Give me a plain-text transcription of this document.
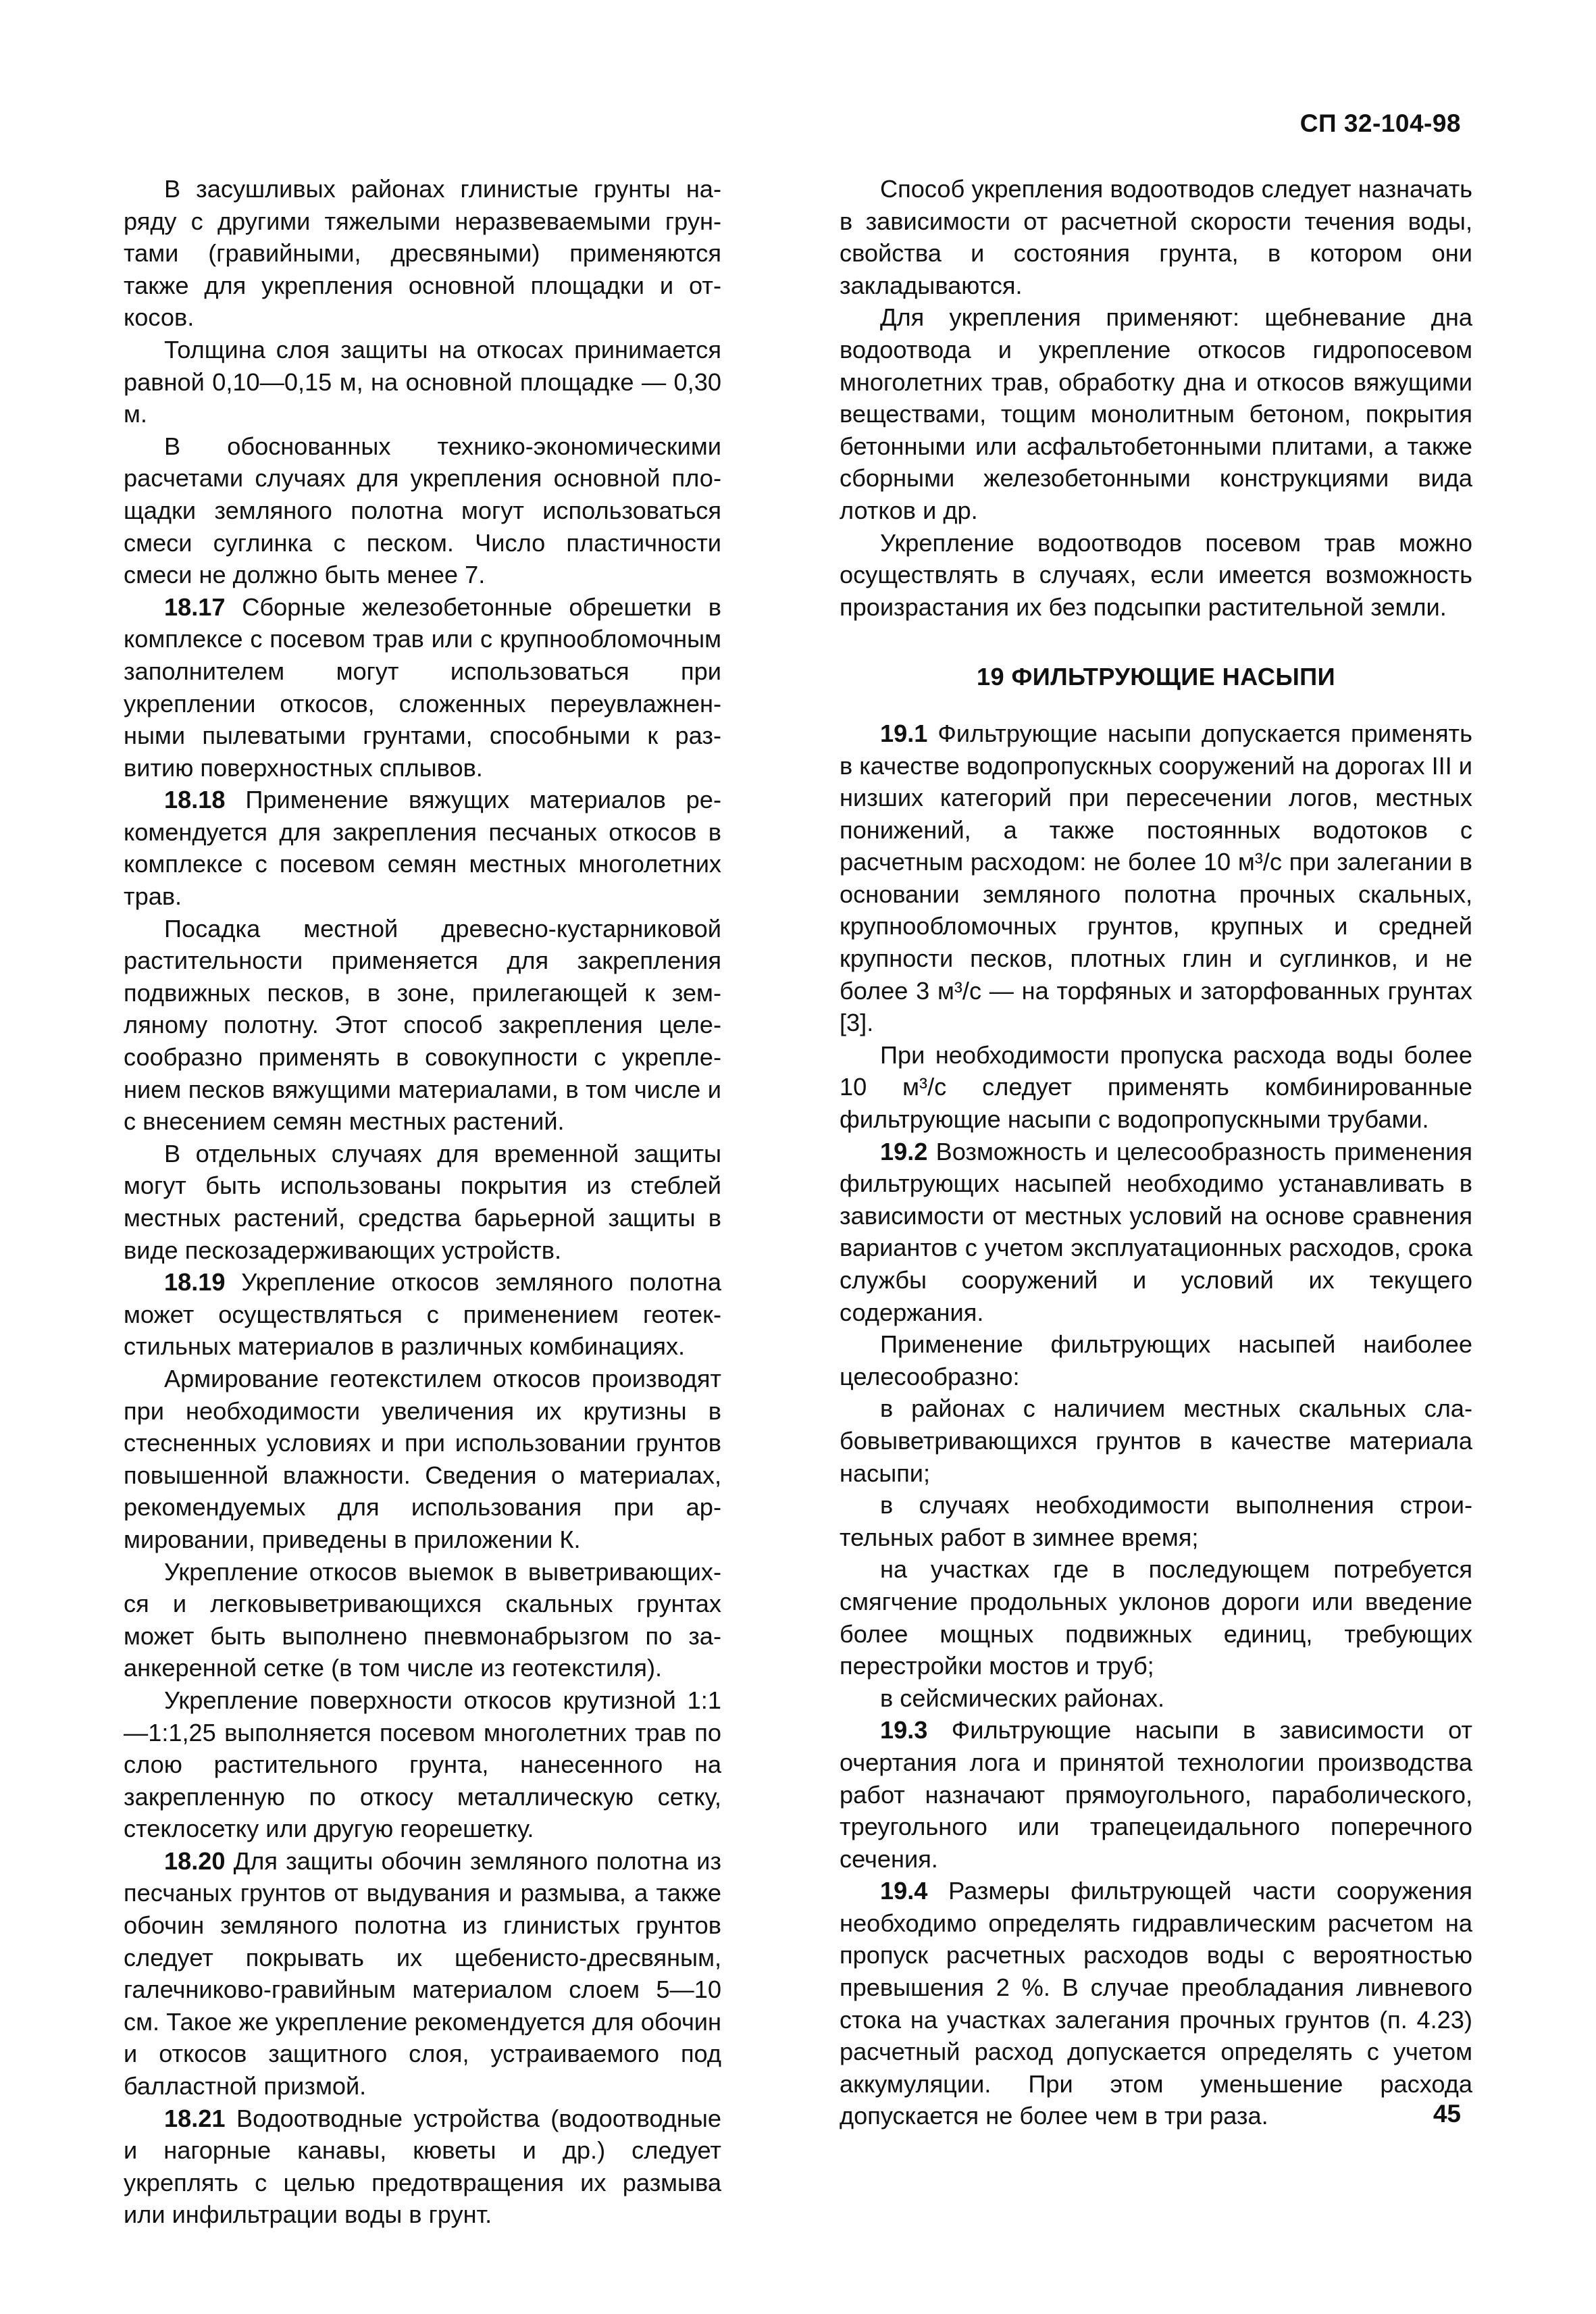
СП 32-104-98

В засушливых районах глинистые грунты наряду с другими тяжелыми неразвеваемыми грунтами (гравийными, дресвяными) применяются также для укрепления основной площадки и откосов.

Толщина слоя защиты на откосах принимается равной 0,10—0,15 м, на основной площадке — 0,30 м.

В обоснованных технико-экономическими расчетами случаях для укрепления основной площадки земляного полотна могут использоваться смеси суглинка с песком. Число пластичности смеси не должно быть менее 7.

18.17 Сборные железобетонные обрешетки в комплексе с посевом трав или с крупнообломочным заполнителем могут использоваться при укреплении откосов, сложенных переувлажненными пылеватыми грунтами, способными к развитию поверхностных сплывов.

18.18 Применение вяжущих материалов рекомендуется для закрепления песчаных откосов в комплексе с посевом семян местных многолетних трав.

Посадка местной древесно-кустарниковой растительности применяется для закрепления подвижных песков, в зоне, прилегающей к земляному полотну. Этот способ закрепления целесообразно применять в совокупности с укреплением песков вяжущими материалами, в том числе и с внесением семян местных растений.

В отдельных случаях для временной защиты могут быть использованы покрытия из стеблей местных растений, средства барьерной защиты в виде пескозадерживающих устройств.

18.19 Укрепление откосов земляного полотна может осуществляться с применением геотекстильных материалов в различных комбинациях.

Армирование геотекстилем откосов производят при необходимости увеличения их крутизны в стесненных условиях и при использовании грунтов повышенной влажности. Сведения о материалах, рекомендуемых для использования при армировании, приведены в приложении К.

Укрепление откосов выемок в выветривающихся и легковыветривающихся скальных грунтах может быть выполнено пневмонабрызгом по заанкеренной сетке (в том числе из геотекстиля).

Укрепление поверхности откосов крутизной 1:1—1:1,25 выполняется посевом многолетних трав по слою растительного грунта, нанесенного на закрепленную по откосу металлическую сетку, стеклосетку или другую георешетку.

18.20 Для защиты обочин земляного полотна из песчаных грунтов от выдувания и размыва, а также обочин земляного полотна из глинистых грунтов следует покрывать их щебенисто-дресвяным, галечниково-гравийным материалом слоем 5—10 см. Такое же укрепление рекомендуется для обочин и откосов защитного слоя, устраиваемого под балластной призмой.

18.21 Водоотводные устройства (водоотводные и нагорные канавы, кюветы и др.) следует укреплять с целью предотвращения их размыва или инфильтрации воды в грунт.

Способ укрепления водоотводов следует назначать в зависимости от расчетной скорости течения воды, свойства и состояния грунта, в котором они закладываются.

Для укрепления применяют: щебневание дна водоотвода и укрепление откосов гидропосевом многолетних трав, обработку дна и откосов вяжущими веществами, тощим монолитным бетоном, покрытия бетонными или асфальтобетонными плитами, а также сборными железобетонными конструкциями вида лотков и др.

Укрепление водоотводов посевом трав можно осуществлять в случаях, если имеется возможность произрастания их без подсыпки растительной земли.

19 ФИЛЬТРУЮЩИЕ НАСЫПИ

19.1 Фильтрующие насыпи допускается применять в качестве водопропускных сооружений на дорогах III и низших категорий при пересечении логов, местных понижений, а также постоянных водотоков с расчетным расходом: не более 10 м³/с при залегании в основании земляного полотна прочных скальных, крупнообломочных грунтов, крупных и средней крупности песков, плотных глин и суглинков, и не более 3 м³/с — на торфяных и заторфованных грунтах [3].

При необходимости пропуска расхода воды более 10 м³/с следует применять комбинированные фильтрующие насыпи с водопропускными трубами.

19.2 Возможность и целесообразность применения фильтрующих насыпей необходимо устанавливать в зависимости от местных условий на основе сравнения вариантов с учетом эксплуатационных расходов, срока службы сооружений и условий их текущего содержания.

Применение фильтрующих насыпей наиболее целесообразно:

в районах с наличием местных скальных слабовыветривающихся грунтов в качестве материала насыпи;

в случаях необходимости выполнения строительных работ в зимнее время;

на участках где в последующем потребуется смягчение продольных уклонов дороги или введение более мощных подвижных единиц, требующих перестройки мостов и труб;

в сейсмических районах.

19.3 Фильтрующие насыпи в зависимости от очертания лога и принятой технологии производства работ назначают прямоугольного, параболического, треугольного или трапецеидального поперечного сечения.

19.4 Размеры фильтрующей части сооружения необходимо определять гидравлическим расчетом на пропуск расчетных расходов воды с вероятностью превышения 2 %. В случае преобладания ливневого стока на участках залегания прочных грунтов (п. 4.23) расчетный расход допускается определять с учетом аккумуляции. При этом уменьшение расхода допускается не более чем в три раза.	45
